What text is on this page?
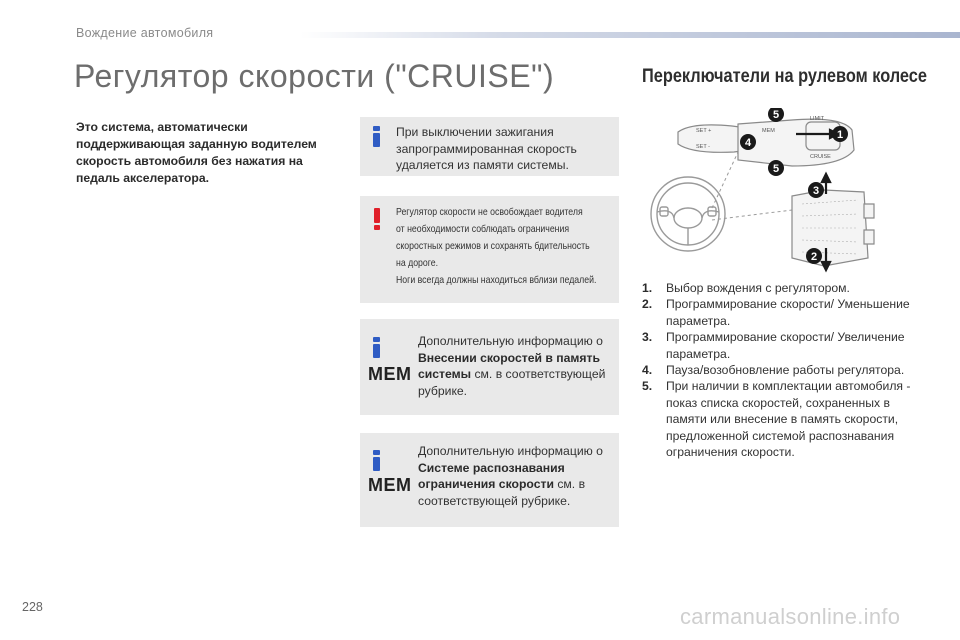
Вождение автомобиля
Регулятор скорости ("CRUISE")	Переключатели на рулевом колесе
Это система, автоматически поддерживающая заданную водителем скорость автомобиля без нажатия на педаль акселератора.
При выключении зажигания запрограммированная скорость удаляется из памяти системы.
Регулятор скорости не освобождает водителя
от необходимости соблюдать ограничения
скоростных режимов и сохранять бдительность
на дороге.
Ноги всегда должны находиться вблизи педалей.
MEM
Дополнительную информацию о Внесении скоростей в память системы см. в соответствующей рубрике.
MEM
Дополнительную информацию о Системе распознавания ограничения скорости см. в соответствующей рубрике.
MEM
SET +
SET -
LIMIT
CRUISE
1
2
3
4
5
5
1. Выбор вождения с регулятором.
2. Программирование скорости/ Уменьшение параметра.
3. Программирование скорости/ Увеличение параметра.
4. Пауза/возобновление работы регулятора.
5. При наличии в комплектации автомобиля - показ списка скоростей, сохраненных в памяти или внесение в память скорости, предложенной системой распознавания ограничения скорости.
228	carmanualsonline.info
